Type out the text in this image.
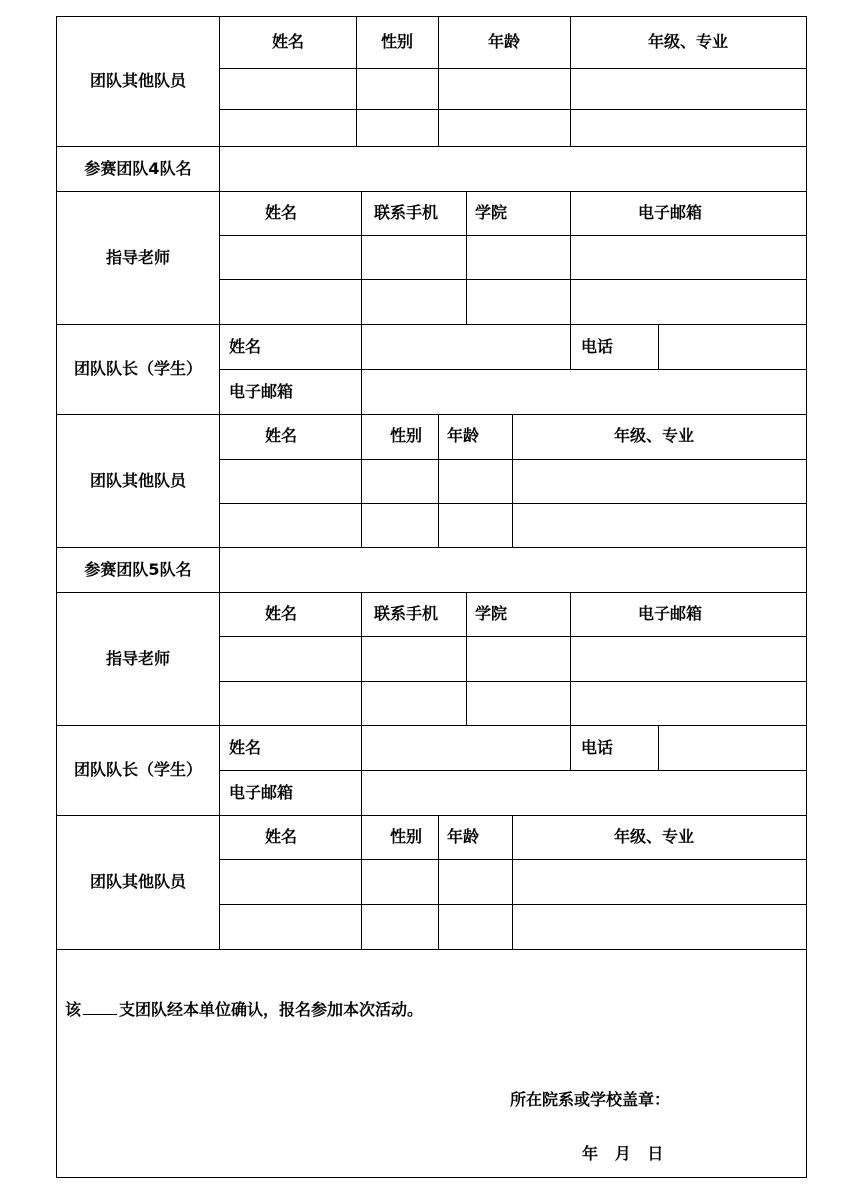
团队其他队员
姓名	性别	年龄	年级、专业
参赛团队4队名
指导老师
姓名	联系手机 学院	电子邮箱
团队队长（学生）
姓名	电话
电子邮箱
团队其他队员
姓名	性别 年龄	年级、专业
参赛团队5队名
指导老师
姓名	联系手机 学院	电子邮箱
团队队长（学生）
姓名	电话
电子邮箱
团队其他队员
姓名	性别 年龄	年级、专业
该 支团队经本单位确认，报名参加本次活动。
所在院系或学校盖章：
年   月   日
